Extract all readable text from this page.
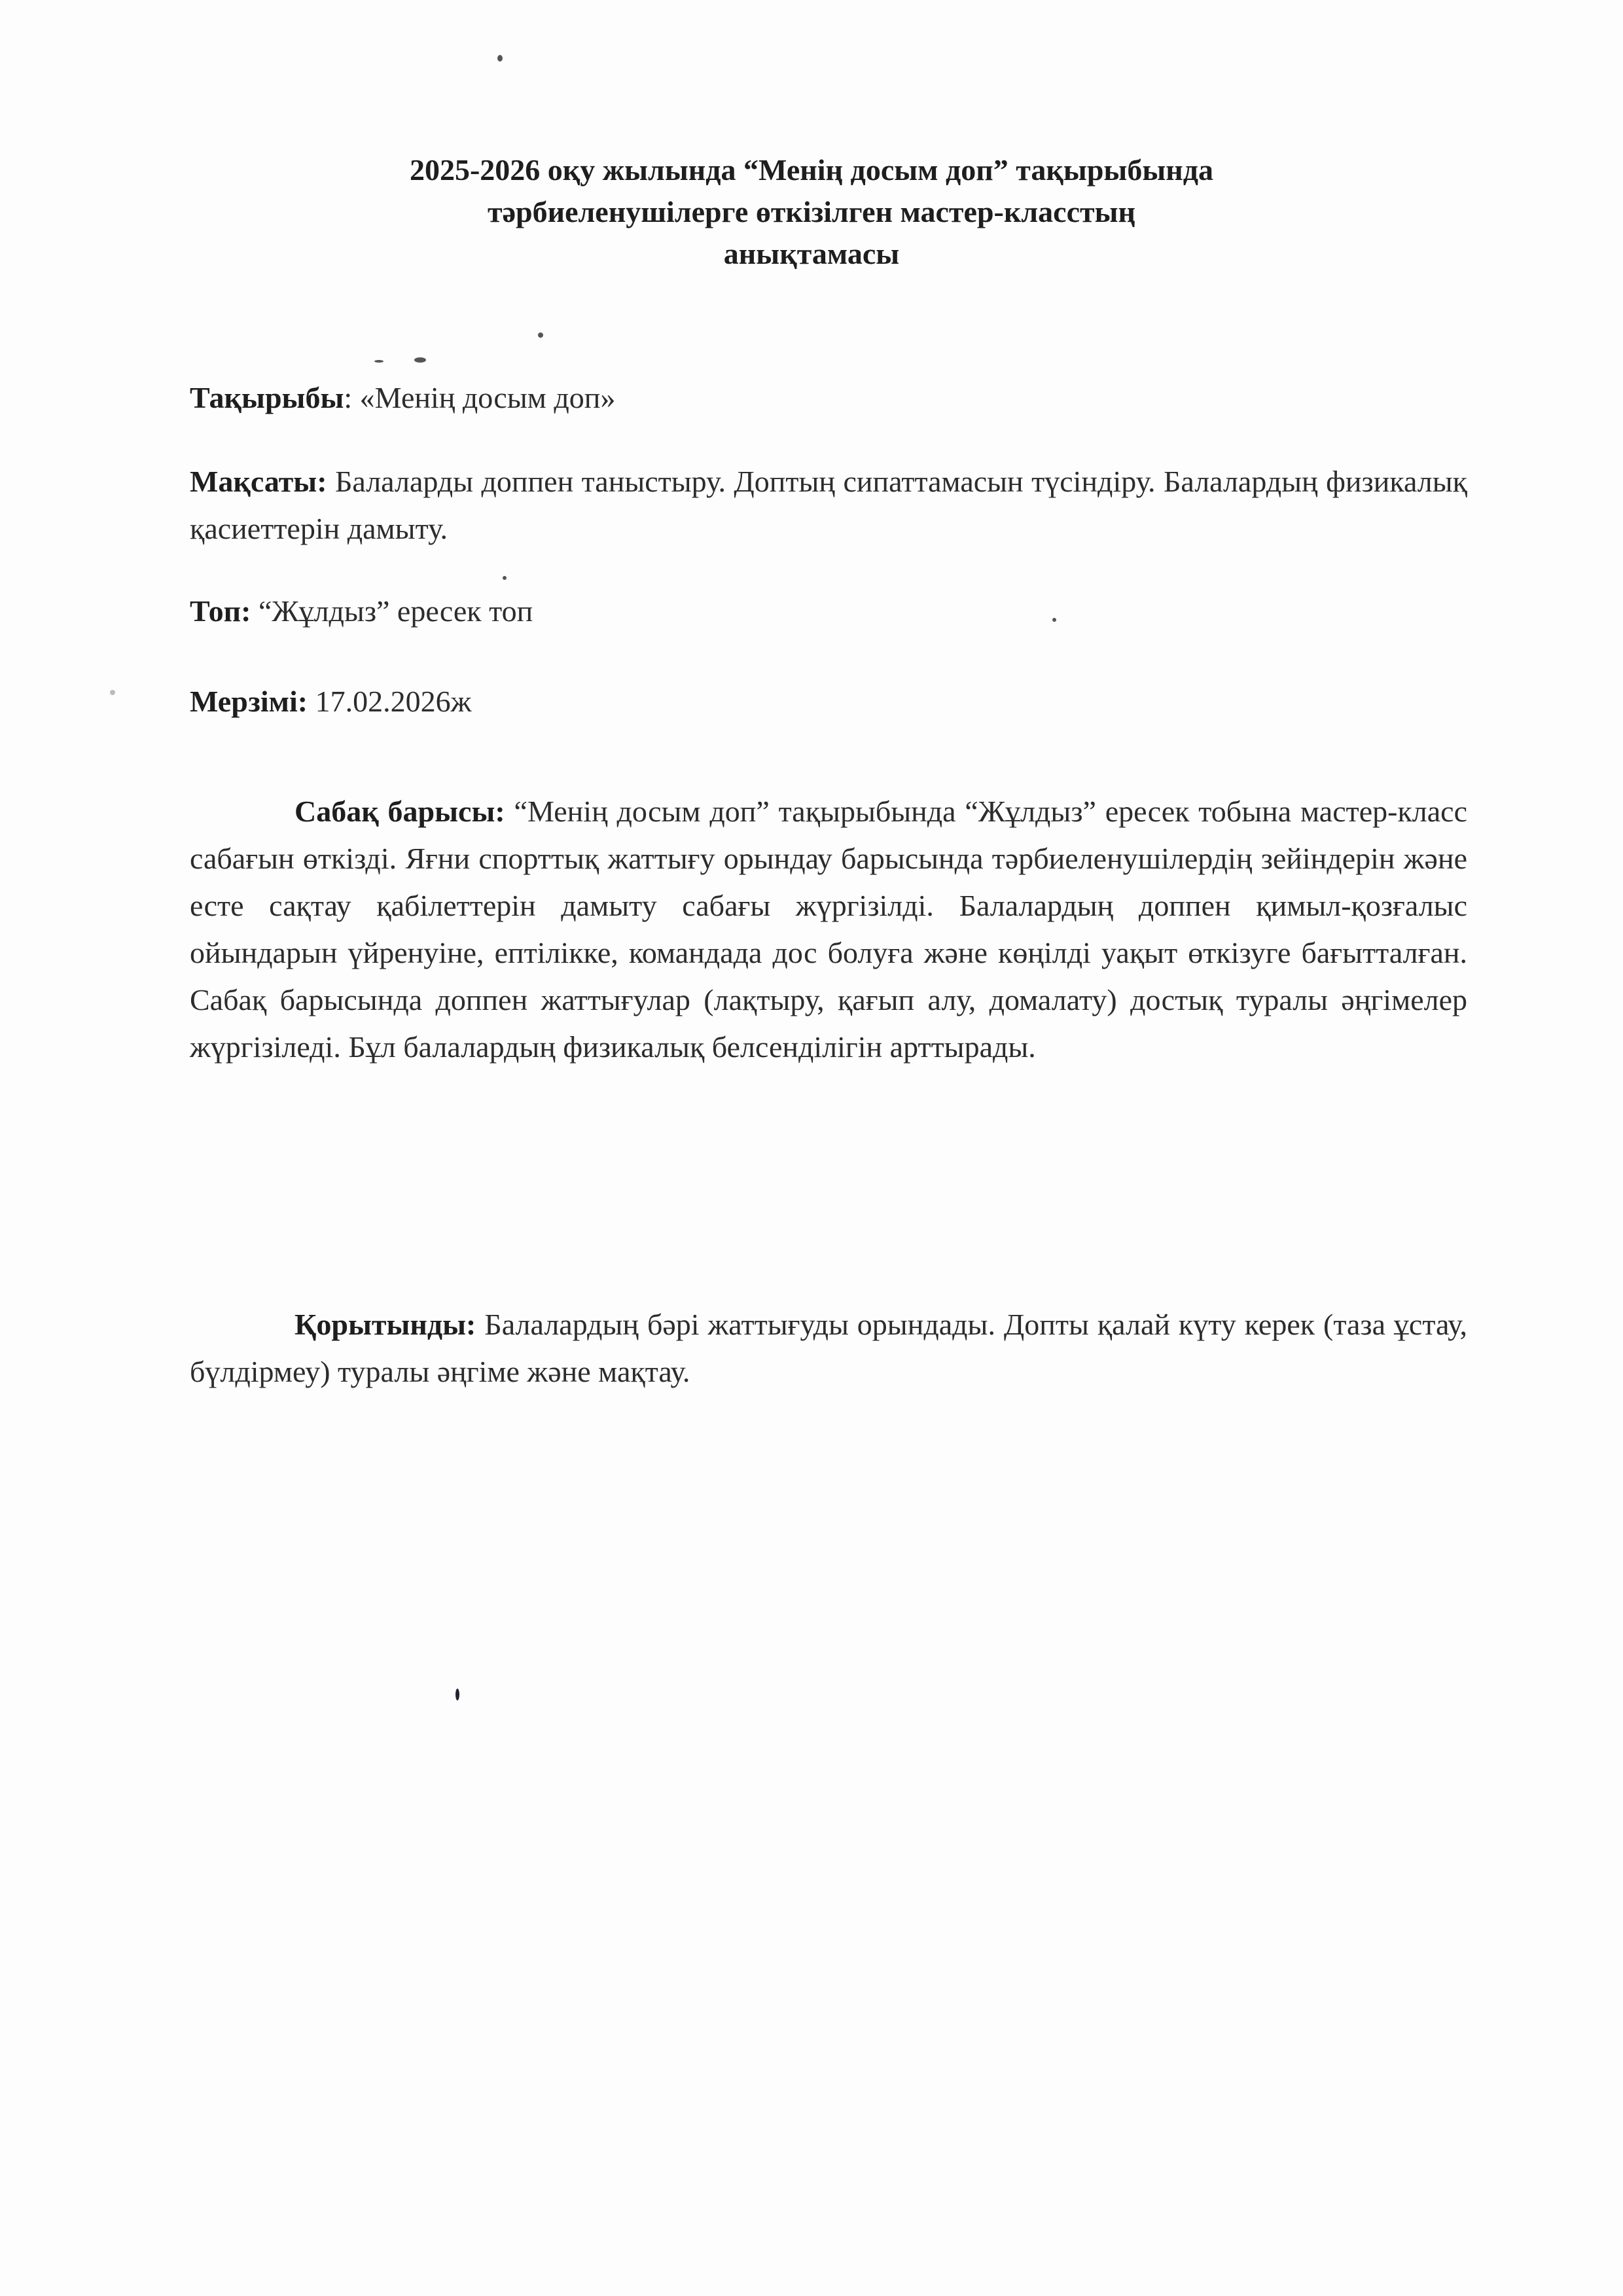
2025-2026 оқу жылында “Менің досым доп” тақырыбында
тәрбиеленушілерге өткізілген мастер-класстың
анықтамасы
Тақырыбы: «Менің досым доп»
Мақсаты: Балаларды доппен таныстыру. Доптың сипаттамасын түсіндіру. Балалардың физикалық қасиеттерін дамыту.
Топ: “Жұлдыз” ересек топ
Мерзімі: 17.02.2026ж
Сабақ барысы: “Менің досым доп” тақырыбында “Жұлдыз” ересек тобына мастер-класс сабағын өткізді. Яғни спорттық жаттығу орындау барысында тәрбиеленушілердің зейіндерін және есте сақтау қабілеттерін дамыту сабағы жүргізілді. Балалардың доппен қимыл-қозғалыс ойындарын үйренуіне, ептілікке, командада дос болуға және көңілді уақыт өткізуге бағытталған. Сабақ барысында доппен жаттығулар (лақтыру, қағып алу, домалату) достық туралы әңгімелер жүргізіледі. Бұл балалардың физикалық белсенділігін арттырады.
Қорытынды: Балалардың бәрі жаттығуды орындады. Допты қалай күту керек (таза ұстау, бүлдірмеу) туралы әңгіме және мақтау.
